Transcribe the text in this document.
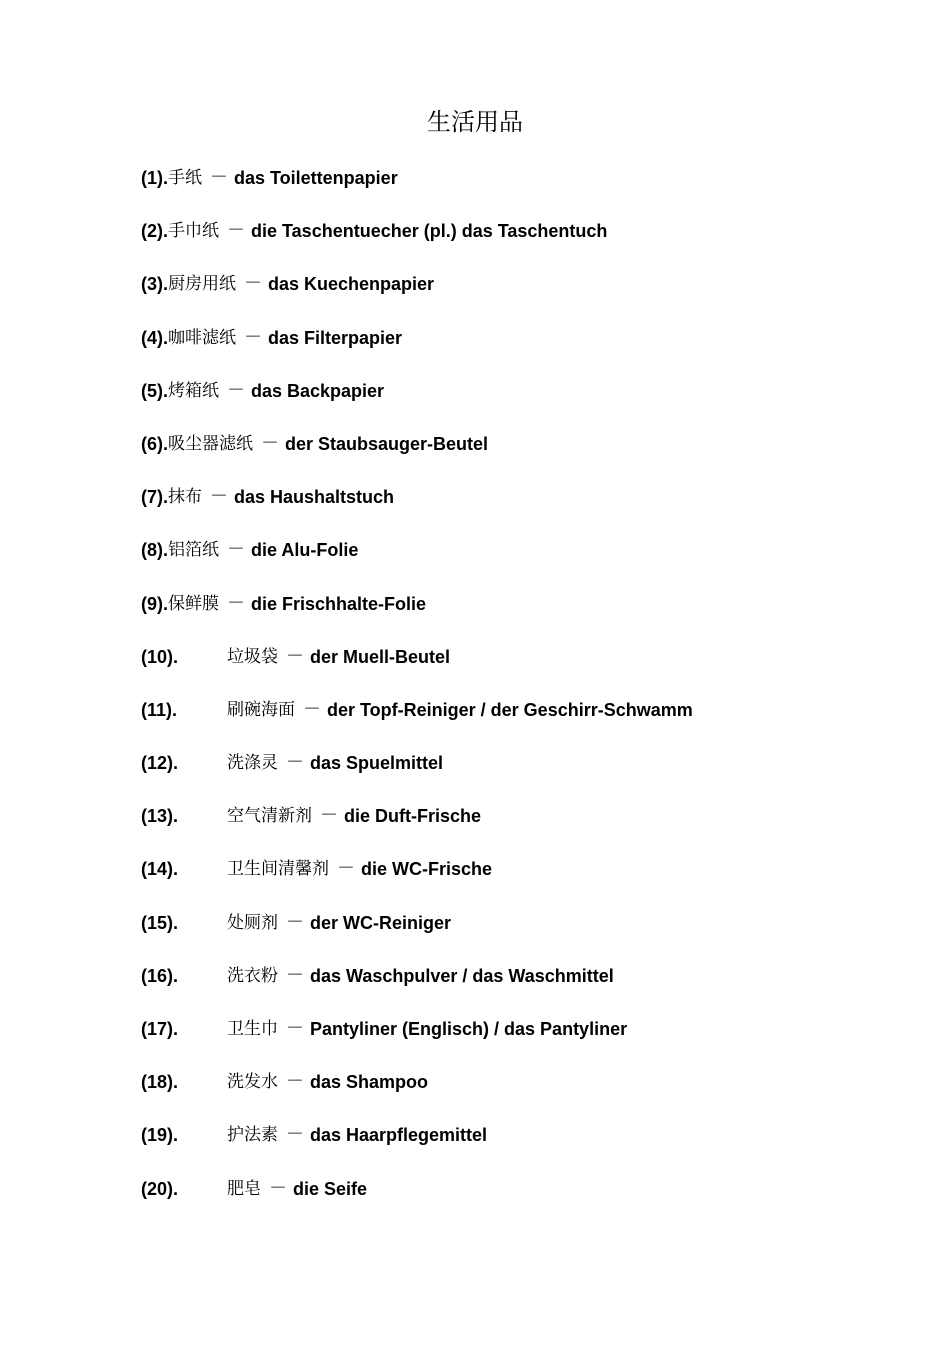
生活用品
(1). 手纸 － das Toilettenpapier
(2). 手巾纸 － die Taschentuecher (pl.) das Taschentuch
(3). 厨房用纸 － das Kuechenpapier
(4). 咖啡滤纸 － das Filterpapier
(5). 烤箱纸 － das Backpapier
(6). 吸尘器滤纸 － der Staubsauger-Beutel
(7). 抹布 － das Haushaltstuch
(8). 铝箔纸 － die Alu-Folie
(9). 保鲜膜 － die Frischhalte-Folie
(10).	垃圾袋 － der Muell-Beutel
(11).	刷碗海面 － der Topf-Reiniger / der Geschirr-Schwamm
(12).	洗涤灵 － das Spuelmittel
(13).	空气清新剂 － die Duft-Frische
(14).	卫生间清馨剂 － die WC-Frische
(15).	处厕剂 － der WC-Reiniger
(16).	洗衣粉 － das Waschpulver / das Waschmittel
(17).	卫生巾 － Pantyliner (Englisch) / das Pantyliner
(18).	洗发水 － das Shampoo
(19).	护法素 － das Haarpflegemittel
(20).	肥皂 － die Seife
